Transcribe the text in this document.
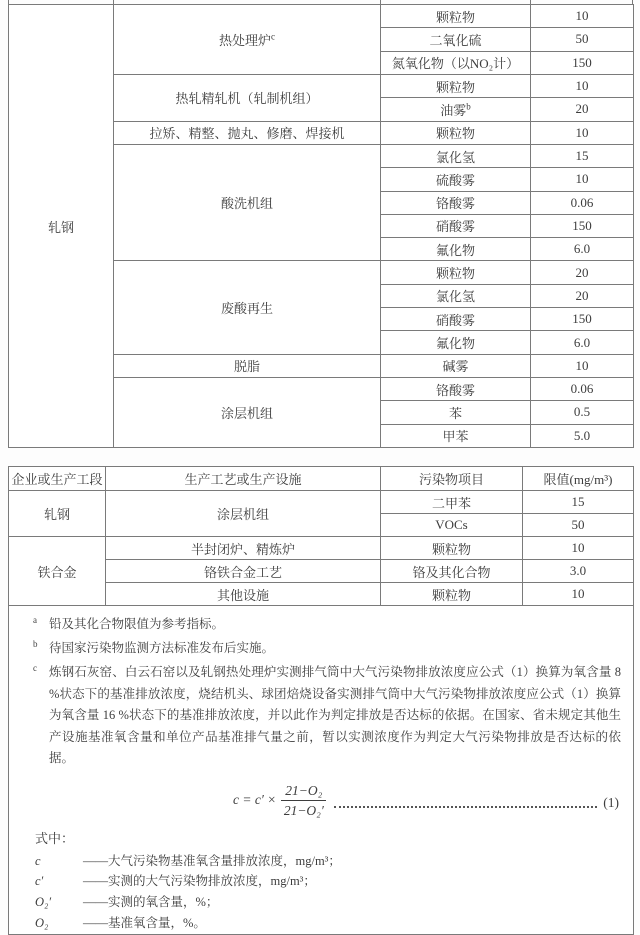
轧钢	热处理炉$^c$	颗粒物	10
		二氧化硫	50
		氮氧化物（以NO₂计）	150
	热轧精轧机（轧制机组）	颗粒物	10
		油雾$^b$	20
	拉矫、精整、抛丸、修磨、焊接机	颗粒物	10
	酸洗机组	氯化氢	15
		硫酸雾	10
		铬酸雾	0.06
		硝酸雾	150
		氟化物	6.0
	废酸再生	颗粒物	20
		氯化氢	20
		硝酸雾	150
		氟化物	6.0
	脱脂	碱雾	10
	涂层机组	铬酸雾	0.06
		苯	0.5
		甲苯	5.0
企业或生产工段	生产工艺或生产设施	污染物项目	限值(mg/m³)
轧钢	涂层机组	二甲苯	15
		VOCs	50
铁合金	半封闭炉、精炼炉	颗粒物	10
	铬铁合金工艺	铬及其化合物	3.0
	其他设施	颗粒物	10

$^a$ 铅及其化合物限值为参考指标。
$^b$ 待国家污染物监测方法标准发布后实施。
$^c$ 炼钢石灰窑、白云石窑以及轧钢热处理炉实测排气筒中大气污染物排放浓度应公式（1）换算为氧含量 8 %状态下的基准排放浓度，烧结机头、球团焙烧设备实测排气筒中大气污染物排放浓度应公式（1）换算为氧含量 16 %状态下的基准排放浓度，并以此作为判定排放是否达标的依据。在国家、省未规定其他生产设施基准氧含量和单位产品基准排气量之前，暂以实测浓度作为判定大气污染物排放是否达标的依据。
$c = c' \times \frac{\text{21−O₂}}{\text{21−O₂′}}$	(1)
式中：
c	——大气污染物基准氧含量排放浓度，mg/m³；
c′	——实测的大气污染物排放浓度，mg/m³；
O₂′	——实测的氧含量，%；
O₂	——基准氧含量，%。
